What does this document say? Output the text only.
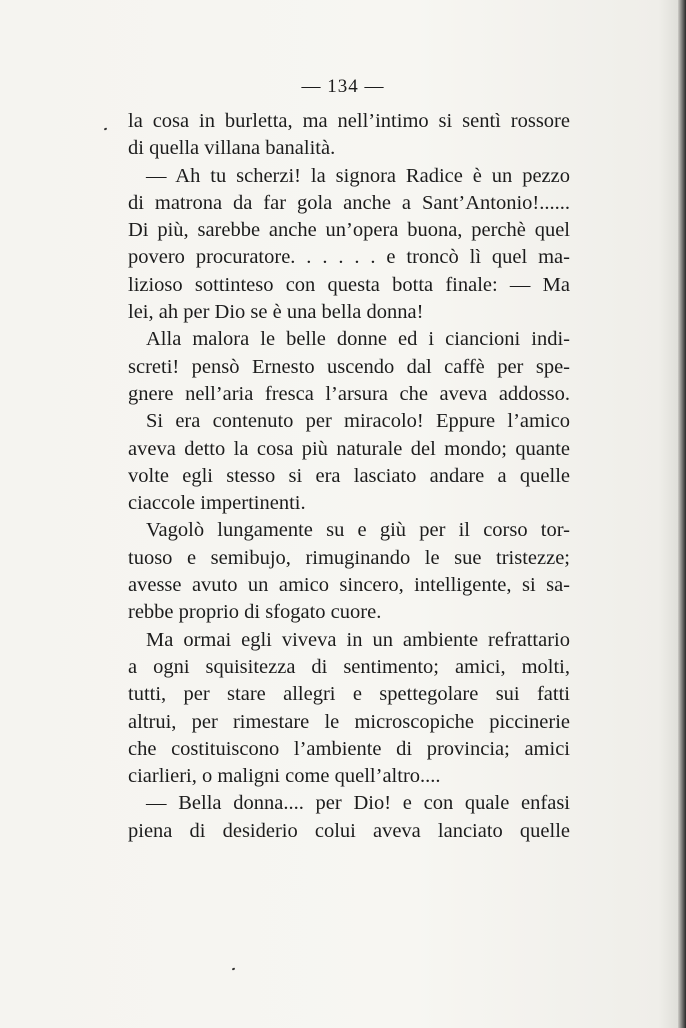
— 134 —
la cosa in burletta, ma nell’intimo si sentì rossore
di quella villana banalità.
— Ah tu scherzi! la signora Radice è un pezzo
di matrona da far gola anche a Sant’Antonio!......
Di più, sarebbe anche un’opera buona, perchè quel
povero procuratore. . . . . . e troncò lì quel ma-
lizioso sottinteso con questa botta finale: — Ma
lei, ah per Dio se è una bella donna!
Alla malora le belle donne ed i ciancioni indi-
screti! pensò Ernesto uscendo dal caffè per spe-
gnere nell’aria fresca l’arsura che aveva addosso.
Si era contenuto per miracolo! Eppure l’amico
aveva detto la cosa più naturale del mondo; quante
volte egli stesso si era lasciato andare a quelle
ciaccole impertinenti.
Vagolò lungamente su e giù per il corso tor-
tuoso e semibujo, rimuginando le sue tristezze;
avesse avuto un amico sincero, intelligente, si sa-
rebbe proprio di sfogato cuore.
Ma ormai egli viveva in un ambiente refrattario
a ogni squisitezza di sentimento; amici, molti,
tutti, per stare allegri e spettegolare sui fatti
altrui, per rimestare le microscopiche piccinerie
che costituiscono l’ambiente di provincia; amici
ciarlieri, o maligni come quell’altro....
— Bella donna.... per Dio! e con quale enfasi
piena di desiderio colui aveva lanciato quelle
